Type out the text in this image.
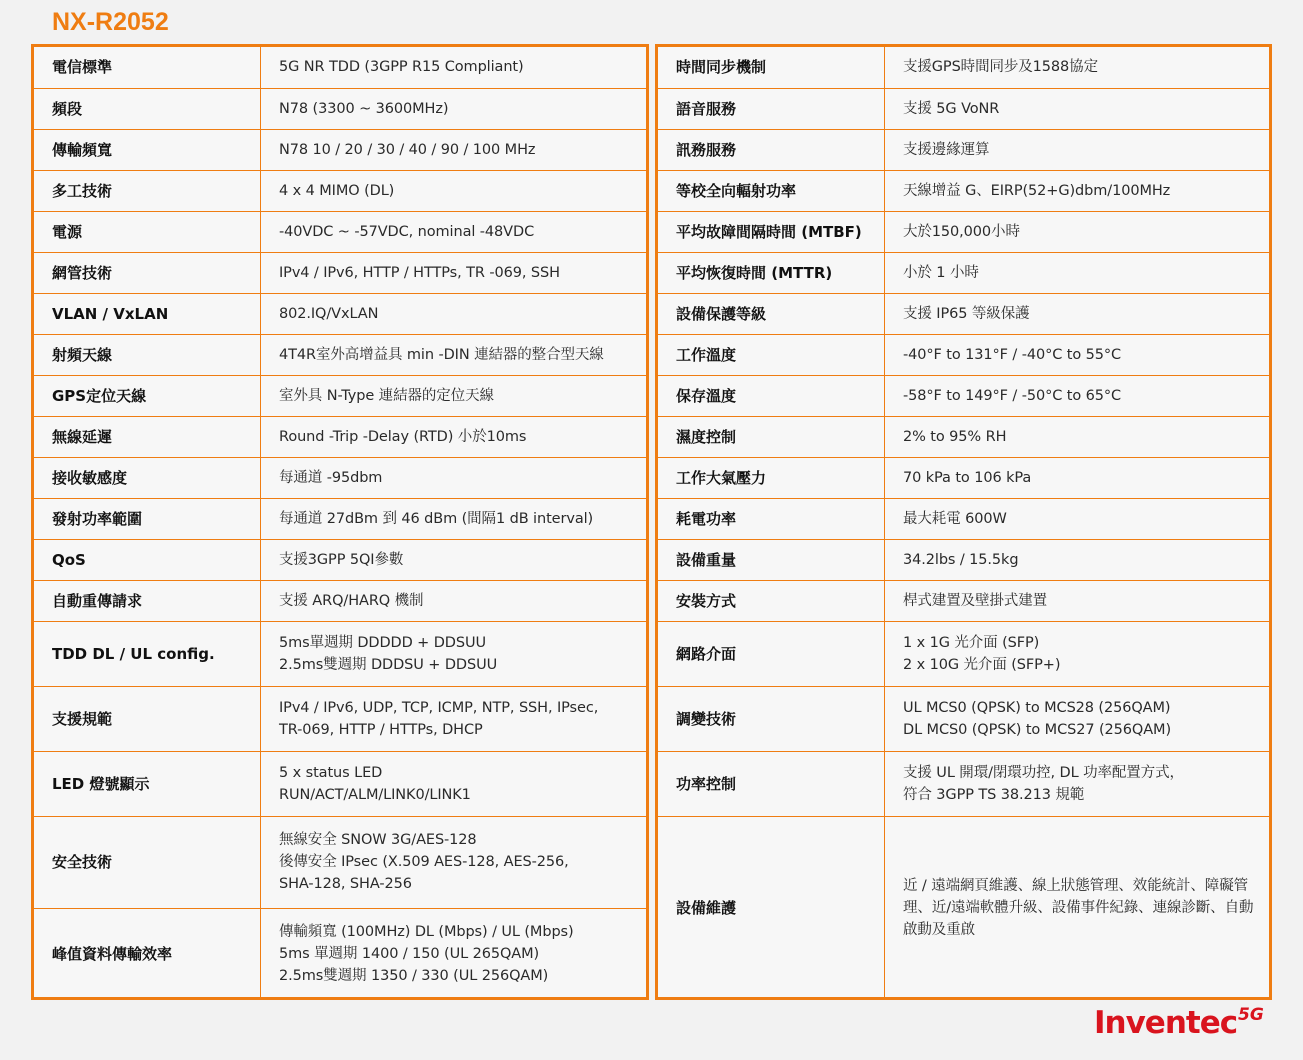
NX-R2052
電信標準	5G NR TDD (3GPP R15 Compliant)

頻段	N78 (3300 ~ 3600MHz)

傳輸頻寬	N78 10 / 20 / 30 / 40 / 90 / 100 MHz

多工技術	4 x 4 MIMO (DL)

電源	-40VDC ~ -57VDC, nominal -48VDC

網管技術	IPv4 / IPv6, HTTP / HTTPs, TR -069, SSH

VLAN / VxLAN	802.IQ/VxLAN

射頻天線	4T4R室外高增益具 min -DIN 連結器的整合型天線

GPS定位天線	室外具 N-Type 連結器的定位天線

無線延遲	Round -Trip -Delay (RTD) 小於10ms

接收敏感度	每通道 -95dbm

發射功率範圍	每通道 27dBm 到 46 dBm (間隔1 dB interval)

QoS	支援3GPP 5QI參數

自動重傳請求	支援 ARQ/HARQ 機制

TDD DL / UL config.	5ms單週期 DDDDD + DDSUU
2.5ms雙週期 DDDSU + DDSUU

支援規範	IPv4 / IPv6, UDP, TCP, ICMP, NTP, SSH, IPsec,
TR-069, HTTP / HTTPs, DHCP

LED 燈號顯示	5 x status LED
RUN/ACT/ALM/LINK0/LINK1

安全技術	無線安全 SNOW 3G/AES-128
後傳安全 IPsec (X.509 AES-128, AES-256,
SHA-128, SHA-256

峰值資料傳輸效率	傳輸頻寬 (100MHz) DL (Mbps) / UL (Mbps)
5ms 單週期 1400 / 150 (UL 265QAM)
2.5ms雙週期 1350 / 330 (UL 256QAM)
時間同步機制	支援GPS時間同步及1588協定

語音服務	支援 5G VoNR

訊務服務	支援邊緣運算

等校全向輻射功率	天線增益 G、EIRP(52+G)dbm/100MHz

平均故障間隔時間 (MTBF)	大於150,000小時

平均恢復時間 (MTTR)	小於 1 小時

設備保護等級	支援 IP65 等級保護

工作溫度	-40°F to 131°F / -40°C to 55°C

保存溫度	-58°F to 149°F / -50°C to 65°C

濕度控制	2% to 95% RH

工作大氣壓力	70 kPa to 106 kPa

耗電功率	最大耗電 600W

設備重量	34.2lbs / 15.5kg

安裝方式	桿式建置及壁掛式建置

網路介面	1 x 1G 光介面 (SFP)
2 x 10G 光介面 (SFP+)

調變技術	UL MCS0 (QPSK) to MCS28 (256QAM)
DL MCS0 (QPSK) to MCS27 (256QAM)

功率控制	支援 UL 開環/閉環功控, DL 功率配置方式，
符合 3GPP TS 38.213 規範

設備維護	近 / 遠端網頁維護、線上狀態管理、效能統計、障礙管理、近/遠端軟體升級、設備事件紀錄、連線診斷、自動啟動及重啟
Inventec 5G
